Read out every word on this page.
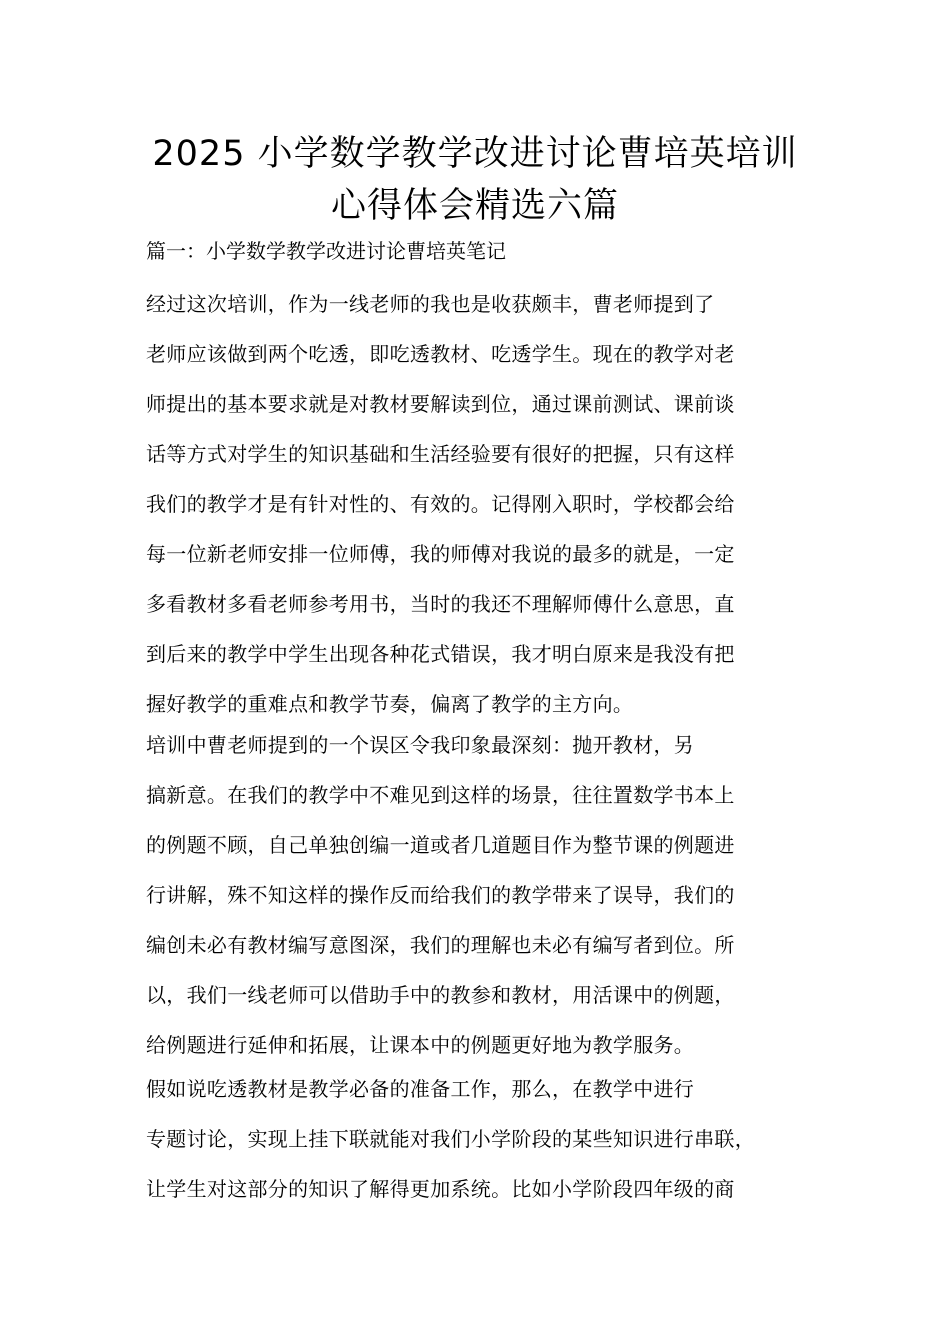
2025 小学数学教学改进讨论曹培英培训
心得体会精选六篇

篇一：小学数学教学改进讨论曹培英笔记

经过这次培训，作为一线老师的我也是收获颇丰，曹老师提到了
老师应该做到两个吃透，即吃透教材、吃透学生。现在的教学对老
师提出的基本要求就是对教材要解读到位，通过课前测试、课前谈
话等方式对学生的知识基础和生活经验要有很好的把握，只有这样
我们的教学才是有针对性的、有效的。记得刚入职时，学校都会给
每一位新老师安排一位师傅，我的师傅对我说的最多的就是，一定
多看教材多看老师参考用书，当时的我还不理解师傅什么意思，直
到后来的教学中学生出现各种花式错误，我才明白原来是我没有把
握好教学的重难点和教学节奏，偏离了教学的主方向。
培训中曹老师提到的一个误区令我印象最深刻：抛开教材，另
搞新意。在我们的教学中不难见到这样的场景，往往置数学书本上
的例题不顾，自己单独创编一道或者几道题目作为整节课的例题进
行讲解，殊不知这样的操作反而给我们的教学带来了误导，我们的
编创未必有教材编写意图深，我们的理解也未必有编写者到位。所
以，我们一线老师可以借助手中的教参和教材，用活课中的例题，
给例题进行延伸和拓展，让课本中的例题更好地为教学服务。
假如说吃透教材是教学必备的准备工作，那么，在教学中进行
专题讨论，实现上挂下联就能对我们小学阶段的某些知识进行串联，
让学生对这部分的知识了解得更加系统。比如小学阶段四年级的商
